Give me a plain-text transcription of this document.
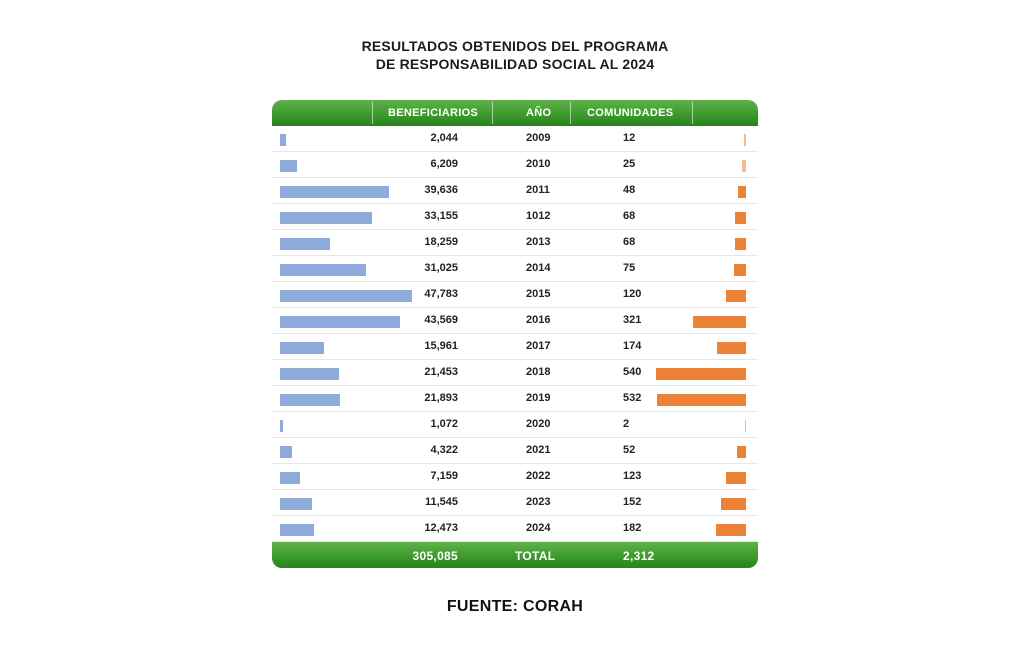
RESULTADOS OBTENIDOS DEL PROGRAMA
DE RESPONSABILIDAD SOCIAL AL 2024
BENEFICIARIOS	AÑO	COMUNIDADES
2,044	2009	12
6,209	2010	25
39,636	2011	48
33,155	1012	68
18,259	2013	68
31,025	2014	75
47,783	2015	120
43,569	2016	321
15,961	2017	174
21,453	2018	540
21,893	2019	532
1,072	2020	2
4,322	2021	52
7,159	2022	123
11,545	2023	152
12,473	2024	182
305,085	TOTAL	2,312
FUENTE: CORAH
